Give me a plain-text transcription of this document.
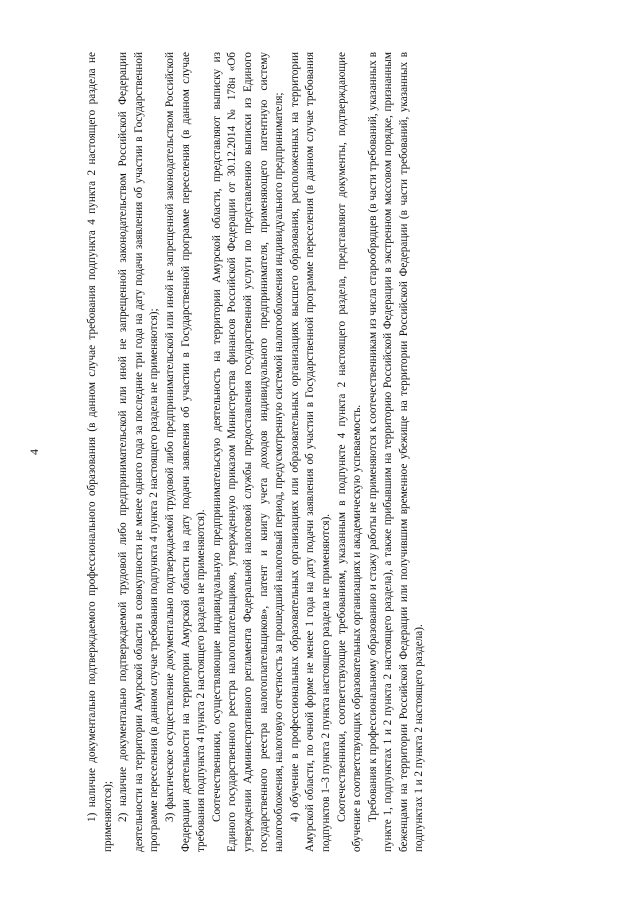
4	1) наличие документально подтверждаемого профессионального образования (в данном случае требования подпункта 4 пункта 2 настоящего раздела не применяются); 2) наличие документально подтверждаемой трудовой либо предпринимательской или иной не запрещенной законодательством Российской Федерации деятельности на территории Амурской области в совокупности не менее одного года за последние три года на дату подачи заявления об участии в Государственной программе переселения (в данном случае требования подпункта 4 пункта 2 настоящего раздела не применяются); 3) фактическое осуществление документально подтверждаемой трудовой либо предпринимательской или иной не запрещенной законодательством Российской Федерации деятельности на территории Амурской области на дату подачи заявления об участии в Государственной программе переселения (в данном случае требования подпункта 4 пункта 2 настоящего раздела не применяются). Соотечественники, осуществляющие индивидуальную предпринимательскую деятельность на территории Амурской области, представляют выписку из Единого государственного реестра налогоплательщиков, утвержденную приказом Министерства финансов Российской Федерации от 30.12.2014 № 178н «Об утверждении Административного регламента Федеральной налоговой службы предоставления государственной услуги по представлению выписки из Единого государственного реестра налогоплательщиков», патент и книгу учета доходов индивидуального предпринимателя, применяющего патентную систему налогообложения, налоговую отчетность за прошедший налоговый период, предусмотренную системой налогообложения индивидуального предпринимателя; 4) обучение в профессиональных образовательных организациях или образовательных организациях высшего образования, расположенных на территории Амурской области, по очной форме не менее 1 года на дату подачи заявления об участии в Государственной программе переселения (в данном случае требования подпунктов 1–3 пункта 2 пункта настоящего раздела не применяются). Соотечественники, соответствующие требованиям, указанным в подпункте 4 пункта 2 настоящего раздела, представляют документы, подтверждающие обучение в соответствующих образовательных организациях и академическую успеваемость. Требования к профессиональному образованию и стажу работы не применяются к соотечественникам из числа старообрядцев (в части требований, указанных в пункте 1, подпунктах 1 и 2 пункта 2 настоящего раздела), а также прибывшим на территорию Российской Федерации в экстренном массовом порядке, признанным беженцами на территории Российской Федерации или получившим временное убежище на территории Российской Федерации (в части требований, указанных в подпунктах 1 и 2 пункта 2 настоящего раздела).
